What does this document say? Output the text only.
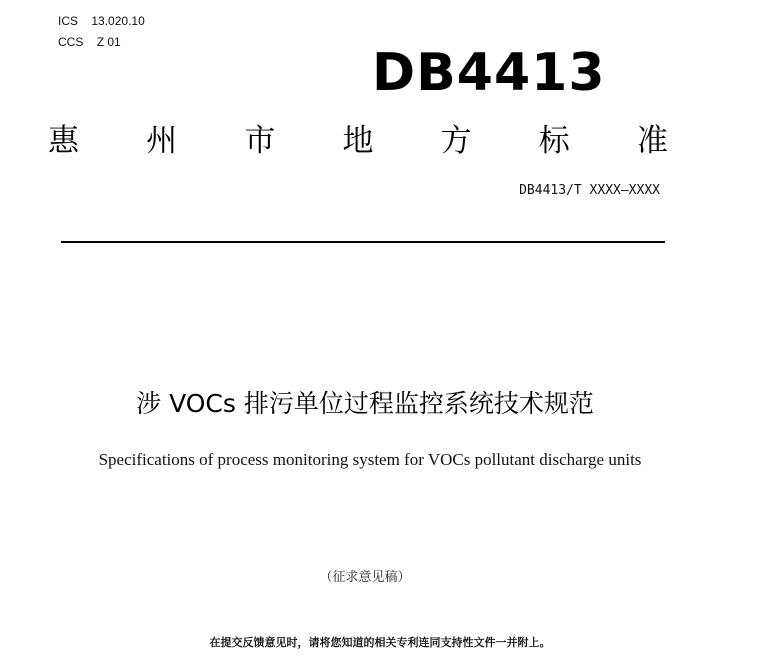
ICS 13.020.10
CCS Z 01
DB4413
惠 州 市 地 方 标 准
DB4413/T XXXX—XXXX
涉 VOCs 排污单位过程监控系统技术规范
Specifications of process monitoring system for VOCs pollutant discharge units
（征求意见稿）
在提交反馈意见时，请将您知道的相关专利连同支持性文件一并附上。
